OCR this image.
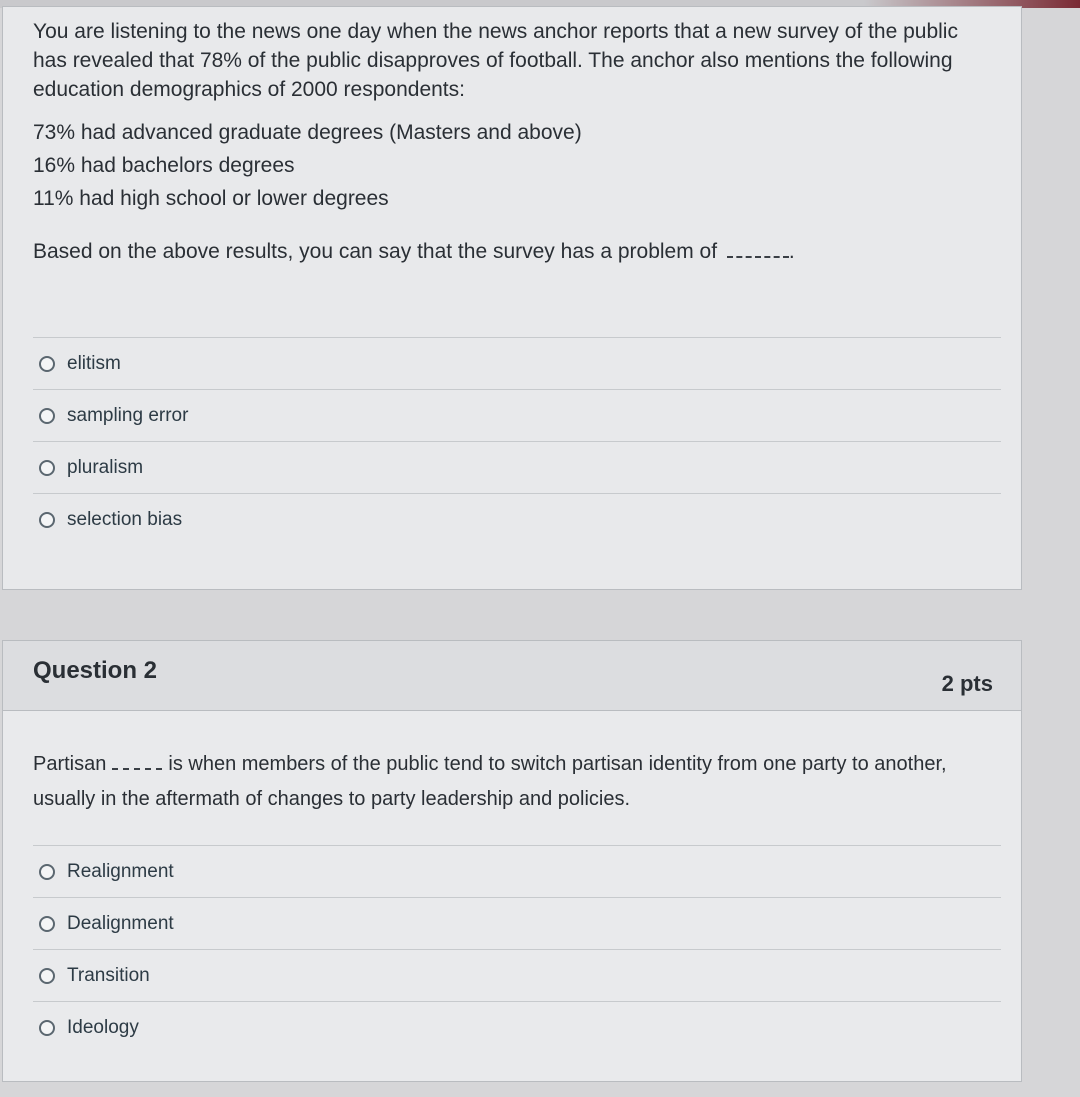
You are listening to the news one day when the news anchor reports that a new survey of the public has revealed that 78% of the public disapproves of football. The anchor also mentions the following education demographics of 2000 respondents:

73% had advanced graduate degrees (Masters and above)

16% had bachelors degrees

11% had high school or lower degrees

Based on the above results, you can say that the survey has a problem of	.

elitism
sampling error
pluralism
selection bias
Question 2	2 pts
Partisan	is when members of the public tend to switch partisan identity from one party to another, usually in the aftermath of changes to party leadership and policies.
Realignment
Dealignment
Transition
Ideology
